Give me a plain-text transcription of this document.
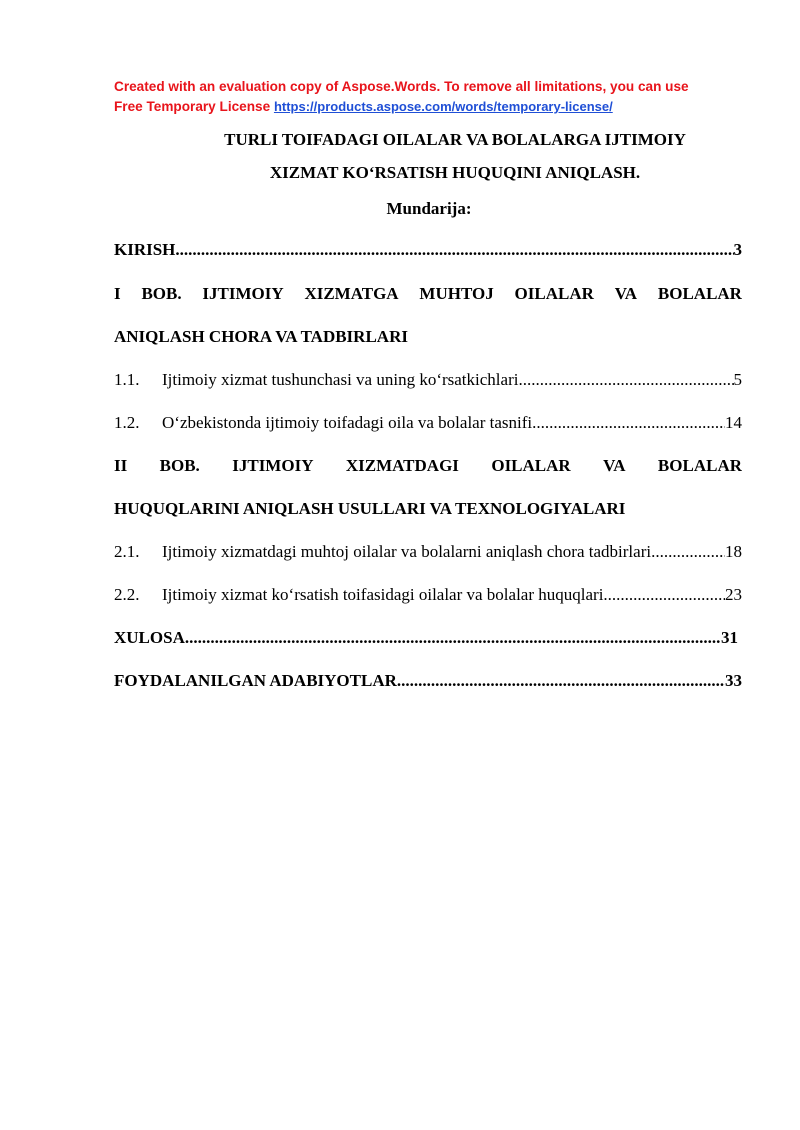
Created with an evaluation copy of Aspose.Words. To remove all limitations, you can use
Free Temporary License https://products.aspose.com/words/temporary-license/
TURLI TOIFADAGI OILALAR VA BOLALARGA IJTIMOIY
XIZMAT KO‘RSATISH HUQUQINI ANIQLASH.
Mundarija:
KIRISH .....	3
I BOB. IJTIMOIY XIZMATGA MUHTOJ OILALAR VA BOLALAR
ANIQLASH CHORA VA TADBIRLARI
1.1.	Ijtimoiy xizmat tushunchasi va uning ko‘rsatkichlari .....	5
1.2.	O‘zbekistonda ijtimoiy toifadagi oila va bolalar tasnifi .....	14
II BOB. IJTIMOIY XIZMATDAGI OILALAR VA BOLALAR
HUQUQLARINI ANIQLASH USULLARI VA TEXNOLOGIYALARI
2.1.	Ijtimoiy xizmatdagi muhtoj oilalar va bolalarni aniqlash chora tadbirlari .....	18
2.2.	Ijtimoiy xizmat ko‘rsatish toifasidagi oilalar va bolalar huquqlari .....	23
XULOSA .....	31
FOYDALANILGAN ADABIYOTLAR .....	33
